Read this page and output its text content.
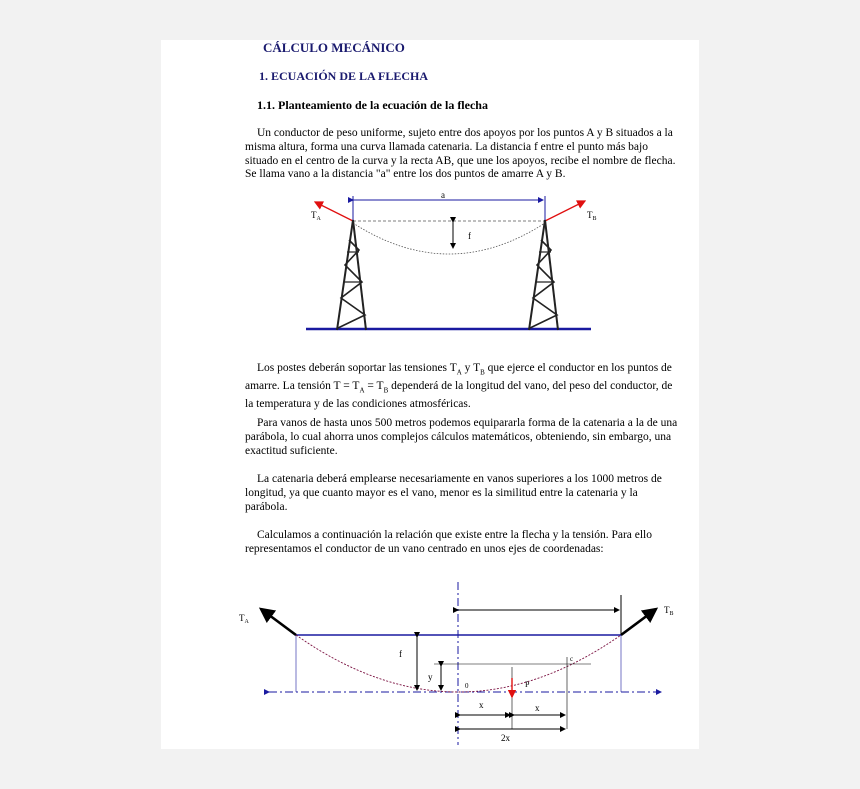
CÁLCULO MECÁNICO
1. ECUACIÓN DE LA FLECHA
1.1. Planteamiento de la ecuación de la flecha
Un conductor de peso uniforme, sujeto entre dos apoyos por los puntos A y B situados a la
misma altura, forma una curva llamada catenaria. La distancia f entre el punto más bajo
situado en el centro de la curva y la recta AB, que une los apoyos, recibe el nombre de flecha.
Se llama vano a la distancia "a" entre los dos puntos de amarre A y B.
a
f
$T_A$	$T_B$
Los postes deberán soportar las tensiones $T_A$ y $T_B$ que ejerce el conductor en los puntos de
amarre. La tensión $T = T_A = T_B$ dependerá de la longitud del vano, del peso del conductor, de
la temperatura y de las condiciones atmosféricas.
Para vanos de hasta unos 500 metros podemos equipararla forma de la catenaria a la de una
parábola, lo cual ahorra unos complejos cálculos matemáticos, obteniendo, sin embargo, una
exactitud suficiente.
La catenaria deberá emplearse necesariamente en vanos superiores a los 1000 metros de
longitud, ya que cuanto mayor es el vano, menor es la similitud entre la catenaria y la
parábola.
Calculamos a continuación la relación que existe entre la flecha y la tensión. Para ello
representamos el conductor de un vano centrado en unos ejes de coordenadas:
$T_A$
$T_B$
f
y
0
c
P
x	x
2x
